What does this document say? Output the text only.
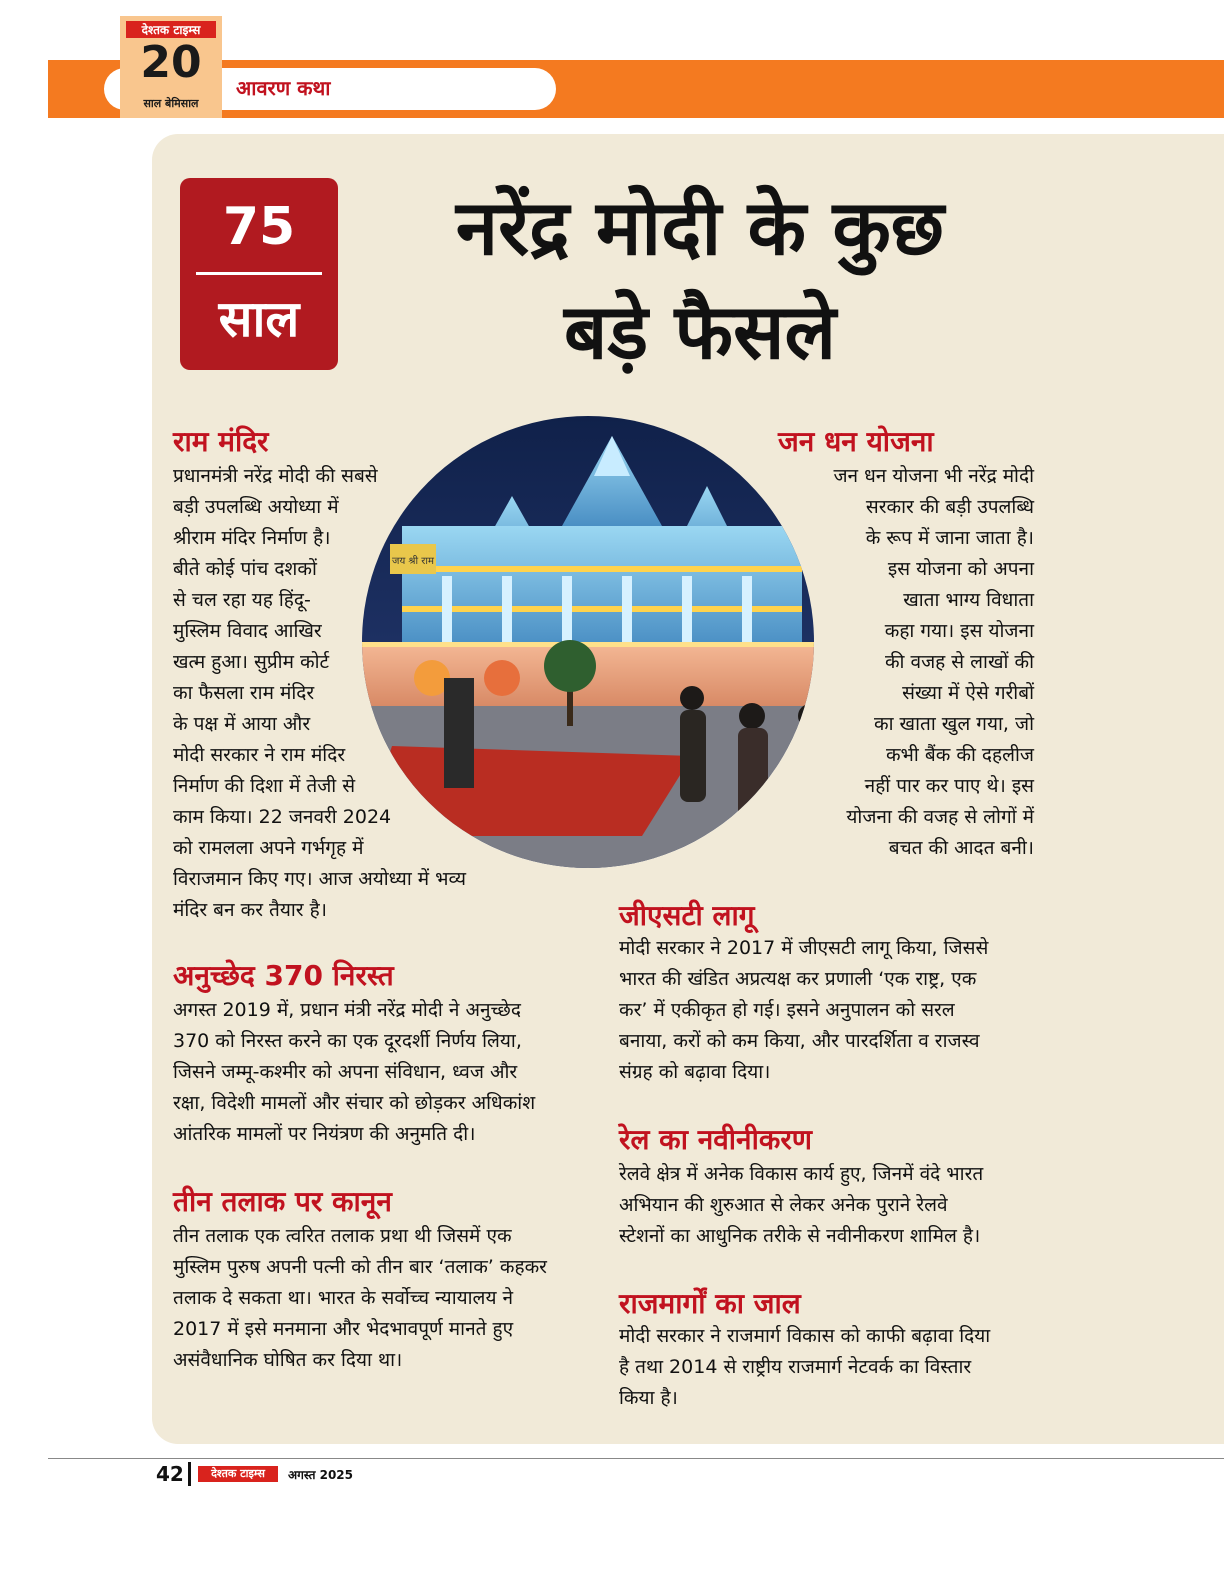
आवरण कथा
देश्तक टाइम्स
20
साल बेमिसाल
75
साल
नरेंद्र मोदी के कुछ
बड़े फैसले
जय श्री राम
राम मंदिर
प्रधानमंत्री नरेंद्र मोदी की सबसे
बड़ी उपलब्धि अयोध्या में
श्रीराम मंदिर निर्माण है।
बीते कोई पांच दशकों
से चल रहा यह हिंदू-
मुस्लिम विवाद आखिर
खत्म हुआ। सुप्रीम कोर्ट
का फैसला राम मंदिर
के पक्ष में आया और
मोदी सरकार ने राम मंदिर
निर्माण की दिशा में तेजी से
काम किया। 22 जनवरी 2024
को रामलला अपने गर्भगृह में
विराजमान किए गए। आज अयोध्या में भव्य
मंदिर बन कर तैयार है।
जन धन योजना
जन धन योजना भी नरेंद्र मोदी
सरकार की बड़ी उपलब्धि
के रूप में जाना जाता है।
इस योजना को अपना
खाता भाग्य विधाता
कहा गया। इस योजना
की वजह से लाखों की
संख्या में ऐसे गरीबों
का खाता खुल गया, जो
कभी बैंक की दहलीज
नहीं पार कर पाए थे। इस
योजना की वजह से लोगों में
बचत की आदत बनी।
जीएसटी लागू
मोदी सरकार ने 2017 में जीएसटी लागू किया, जिससे
भारत की खंडित अप्रत्यक्ष कर प्रणाली ‘एक राष्ट्र, एक
कर’ में एकीकृत हो गई। इसने अनुपालन को सरल
बनाया, करों को कम किया, और पारदर्शिता व राजस्व
संग्रह को बढ़ावा दिया।
अनुच्छेद 370 निरस्त
अगस्त 2019 में, प्रधान मंत्री नरेंद्र मोदी ने अनुच्छेद
370 को निरस्त करने का एक दूरदर्शी निर्णय लिया,
जिसने जम्मू-कश्मीर को अपना संविधान, ध्वज और
रक्षा, विदेशी मामलों और संचार को छोड़कर अधिकांश
आंतरिक मामलों पर नियंत्रण की अनुमति दी।	रेल का नवीनीकरण
रेलवे क्षेत्र में अनेक विकास कार्य हुए, जिनमें वंदे भारत
अभियान की शुरुआत से लेकर अनेक पुराने रेलवे
स्टेशनों का आधुनिक तरीके से नवीनीकरण शामिल है।
तीन तलाक पर कानून
तीन तलाक एक त्वरित तलाक प्रथा थी जिसमें एक
मुस्लिम पुरुष अपनी पत्नी को तीन बार ‘तलाक’ कहकर
तलाक दे सकता था। भारत के सर्वोच्च न्यायालय ने
2017 में इसे मनमाना और भेदभावपूर्ण मानते हुए
असंवैधानिक घोषित कर दिया था।
राजमार्गों का जाल
मोदी सरकार ने राजमार्ग विकास को काफी बढ़ावा दिया
है तथा 2014 से राष्ट्रीय राजमार्ग नेटवर्क का विस्तार
किया है।
42	देश्तक टाइम्स	अगस्त 2025
